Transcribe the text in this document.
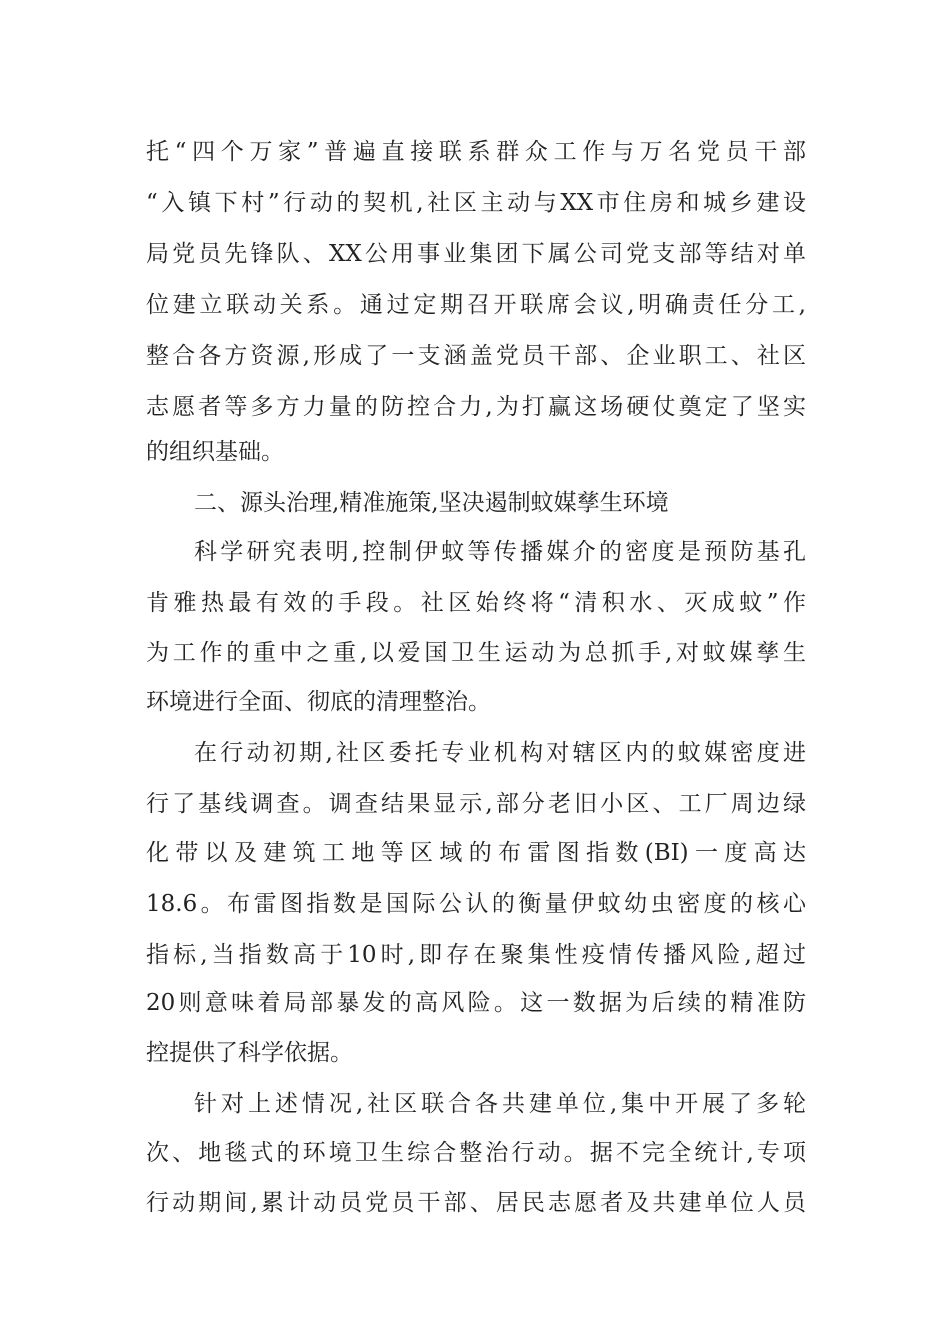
托“四个万家”普遍直接联系群众工作与万名党员干部
“入镇下村”行动的契机,社区主动与XX市住房和城乡建设
局党员先锋队、XX公用事业集团下属公司党支部等结对单
位建立联动关系。通过定期召开联席会议,明确责任分工,
整合各方资源,形成了一支涵盖党员干部、企业职工、社区
志愿者等多方力量的防控合力,为打赢这场硬仗奠定了坚实
的组织基础。
二、源头治理,精准施策,坚决遏制蚊媒孳生环境
科学研究表明,控制伊蚊等传播媒介的密度是预防基孔
肯雅热最有效的手段。社区始终将“清积水、灭成蚊”作
为工作的重中之重,以爱国卫生运动为总抓手,对蚊媒孳生
环境进行全面、彻底的清理整治。
在行动初期,社区委托专业机构对辖区内的蚊媒密度进
行了基线调查。调查结果显示,部分老旧小区、工厂周边绿
化带以及建筑工地等区域的布雷图指数(BI)一度高达
18.6。布雷图指数是国际公认的衡量伊蚊幼虫密度的核心
指标,当指数高于10时,即存在聚集性疫情传播风险,超过
20则意味着局部暴发的高风险。这一数据为后续的精准防
控提供了科学依据。
针对上述情况,社区联合各共建单位,集中开展了多轮
次、地毯式的环境卫生综合整治行动。据不完全统计,专项
行动期间,累计动员党员干部、居民志愿者及共建单位人员
